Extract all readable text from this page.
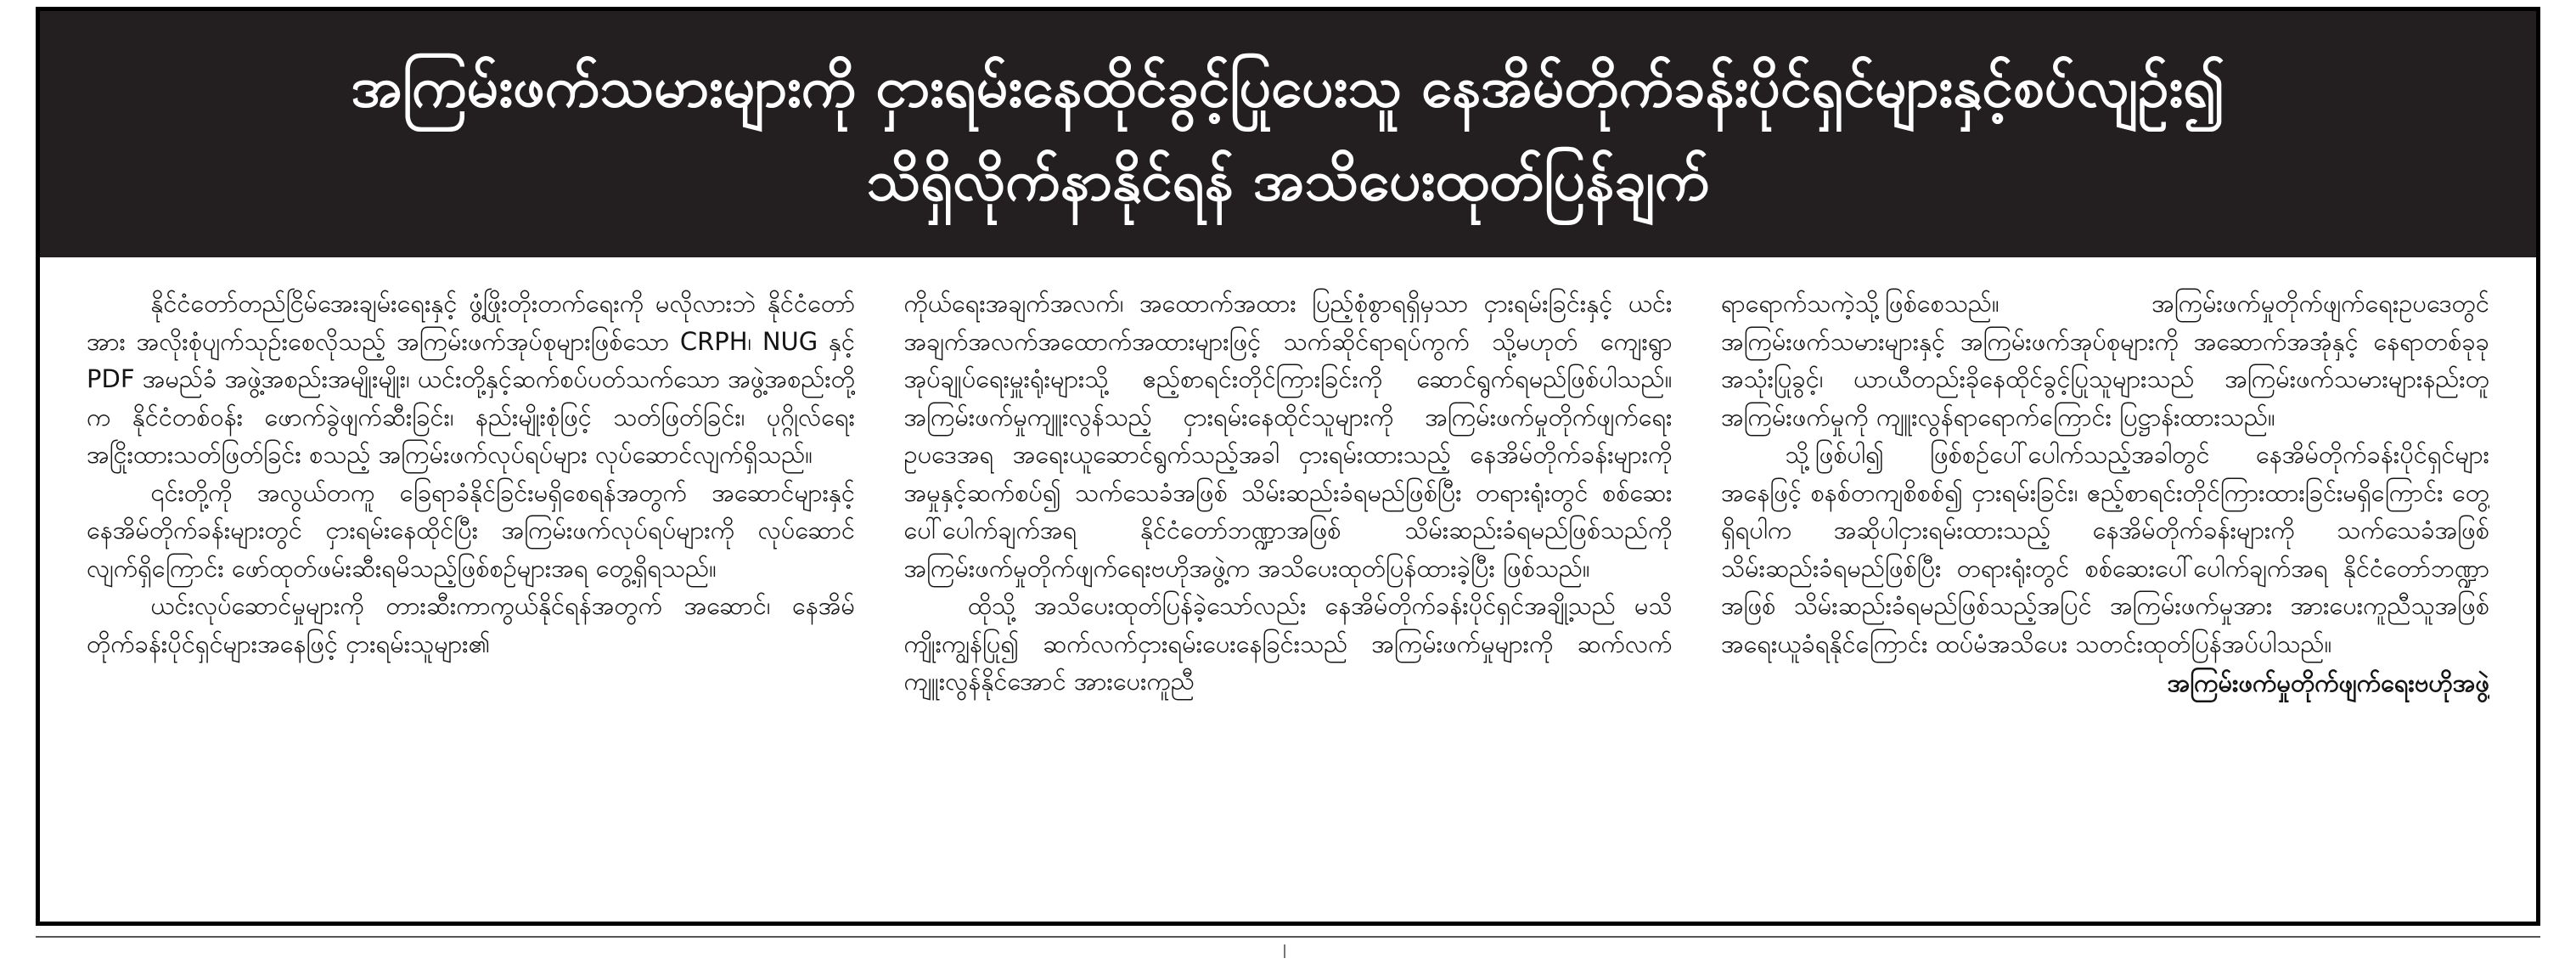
အကြမ်းဖက်သမားများကို ငှားရမ်းနေထိုင်ခွင့်ပြုပေးသူ နေအိမ်တိုက်ခန်းပိုင်ရှင်များနှင့်စပ်လျဉ်း၍
သိရှိလိုက်နာနိုင်ရန် အသိပေးထုတ်ပြန်ချက်

နိုင်ငံတော်တည်ငြိမ်အေးချမ်းရေးနှင့် ဖွံ့ဖြိုးတိုးတက်ရေးကို မလိုလားဘဲ နိုင်ငံတော်အား အလိုးစုံပျက်သုဉ်းစေလိုသည့် အကြမ်းဖက်အုပ်စုများဖြစ်သော CRPH၊ NUG နှင့် PDF အမည်ခံ အဖွဲ့အစည်းအမျိုးမျိုး၊ ယင်းတို့နှင့်ဆက်စပ်ပတ်သက်သော အဖွဲ့အစည်းတို့က နိုင်ငံတစ်ဝန်း ဖောက်ခွဲဖျက်ဆီးခြင်း၊ နည်းမျိုးစုံဖြင့် သတ်ဖြတ်ခြင်း၊ ပုဂ္ဂိုလ်ရေးအငြိုးထားသတ်ဖြတ်ခြင်း စသည့် အကြမ်းဖက်လုပ်ရပ်များ လုပ်ဆောင်လျက်ရှိသည်။

၎င်းတို့ကို အလွယ်တကူ ခြေရာခံနိုင်ခြင်းမရှိစေရန်အတွက် အဆောင်များနှင့် နေအိမ်တိုက်ခန်းများတွင် ငှားရမ်းနေထိုင်ပြီး အကြမ်းဖက်လုပ်ရပ်များကို လုပ်ဆောင်လျက်ရှိကြောင်း ဖော်ထုတ်ဖမ်းဆီးရမိသည့်ဖြစ်စဉ်များအရ တွေ့ရှိရသည်။

ယင်းလုပ်ဆောင်မှုများကို တားဆီးကာကွယ်နိုင်ရန်အတွက် အဆောင်၊ နေအိမ်တိုက်ခန်းပိုင်ရှင်များအနေဖြင့် ငှားရမ်းသူများ၏

ကိုယ်ရေးအချက်အလက်၊ အထောက်အထား ပြည့်စုံစွာရရှိမှသာ ငှားရမ်းခြင်းနှင့် ယင်းအချက်အလက်အထောက်အထားများဖြင့် သက်ဆိုင်ရာရပ်ကွက် သို့မဟုတ် ကျေးရွာအုပ်ချုပ်ရေးမှူးရုံးများသို့ ဧည့်စာရင်းတိုင်ကြားခြင်းကို ဆောင်ရွက်ရမည်ဖြစ်ပါသည်။ အကြမ်းဖက်မှုကျူးလွန်သည့် ငှားရမ်းနေထိုင်သူများကို အကြမ်းဖက်မှုတိုက်ဖျက်ရေးဥပဒေအရ အရေးယူဆောင်ရွက်သည့်အခါ ငှားရမ်းထားသည့် နေအိမ်တိုက်ခန်းများကို အမှုနှင့်ဆက်စပ်၍ သက်သေခံအဖြစ် သိမ်းဆည်းခံရမည်ဖြစ်ပြီး တရားရုံးတွင် စစ်ဆေးပေါ်ပေါက်ချက်အရ နိုင်ငံတော်ဘဏ္ဍာအဖြစ် သိမ်းဆည်းခံရမည်ဖြစ်သည်ကို အကြမ်းဖက်မှုတိုက်ဖျက်ရေးဗဟိုအဖွဲ့က အသိပေးထုတ်ပြန်ထားခဲ့ပြီး ဖြစ်သည်။

ထိုသို့ အသိပေးထုတ်ပြန်ခဲ့သော်လည်း နေအိမ်တိုက်ခန်းပိုင်ရှင်အချို့သည် မသိကျိုးကျွန်ပြု၍ ဆက်လက်ငှားရမ်းပေးနေခြင်းသည် အကြမ်းဖက်မှုများကို ဆက်လက်ကျူးလွန်နိုင်အောင် အားပေးကူညီ

ရာရောက်သကဲ့သို့ဖြစ်စေသည်။ အကြမ်းဖက်မှုတိုက်ဖျက်ရေးဥပဒေတွင် အကြမ်းဖက်သမားများနှင့် အကြမ်းဖက်အုပ်စုများကို အဆောက်အအုံနှင့် နေရာတစ်ခုခု အသုံးပြုခွင့်၊ ယာယီတည်းခိုနေထိုင်ခွင့်ပြုသူများသည် အကြမ်းဖက်သမားများနည်းတူ အကြမ်းဖက်မှုကို ကျူးလွန်ရာရောက်ကြောင်း ပြဋ္ဌာန်းထားသည်။

သို့ဖြစ်ပါ၍ ဖြစ်စဉ်ပေါ်ပေါက်သည့်အခါတွင် နေအိမ်တိုက်ခန်းပိုင်ရှင်များအနေဖြင့် စနစ်တကျစိစစ်၍ ငှားရမ်းခြင်း၊ ဧည့်စာရင်းတိုင်ကြားထားခြင်းမရှိကြောင်း တွေ့ရှိရပါက အဆိုပါငှားရမ်းထားသည့် နေအိမ်တိုက်ခန်းများကို သက်သေခံအဖြစ် သိမ်းဆည်းခံရမည်ဖြစ်ပြီး တရားရုံးတွင် စစ်ဆေးပေါ်ပေါက်ချက်အရ နိုင်ငံတော်ဘဏ္ဍာအဖြစ် သိမ်းဆည်းခံရမည်ဖြစ်သည့်အပြင် အကြမ်းဖက်မှုအား အားပေးကူညီသူအဖြစ် အရေးယူခံရနိုင်ကြောင်း ထပ်မံအသိပေး သတင်းထုတ်ပြန်အပ်ပါသည်။

အကြမ်းဖက်မှုတိုက်ဖျက်ရေးဗဟိုအဖွဲ့
